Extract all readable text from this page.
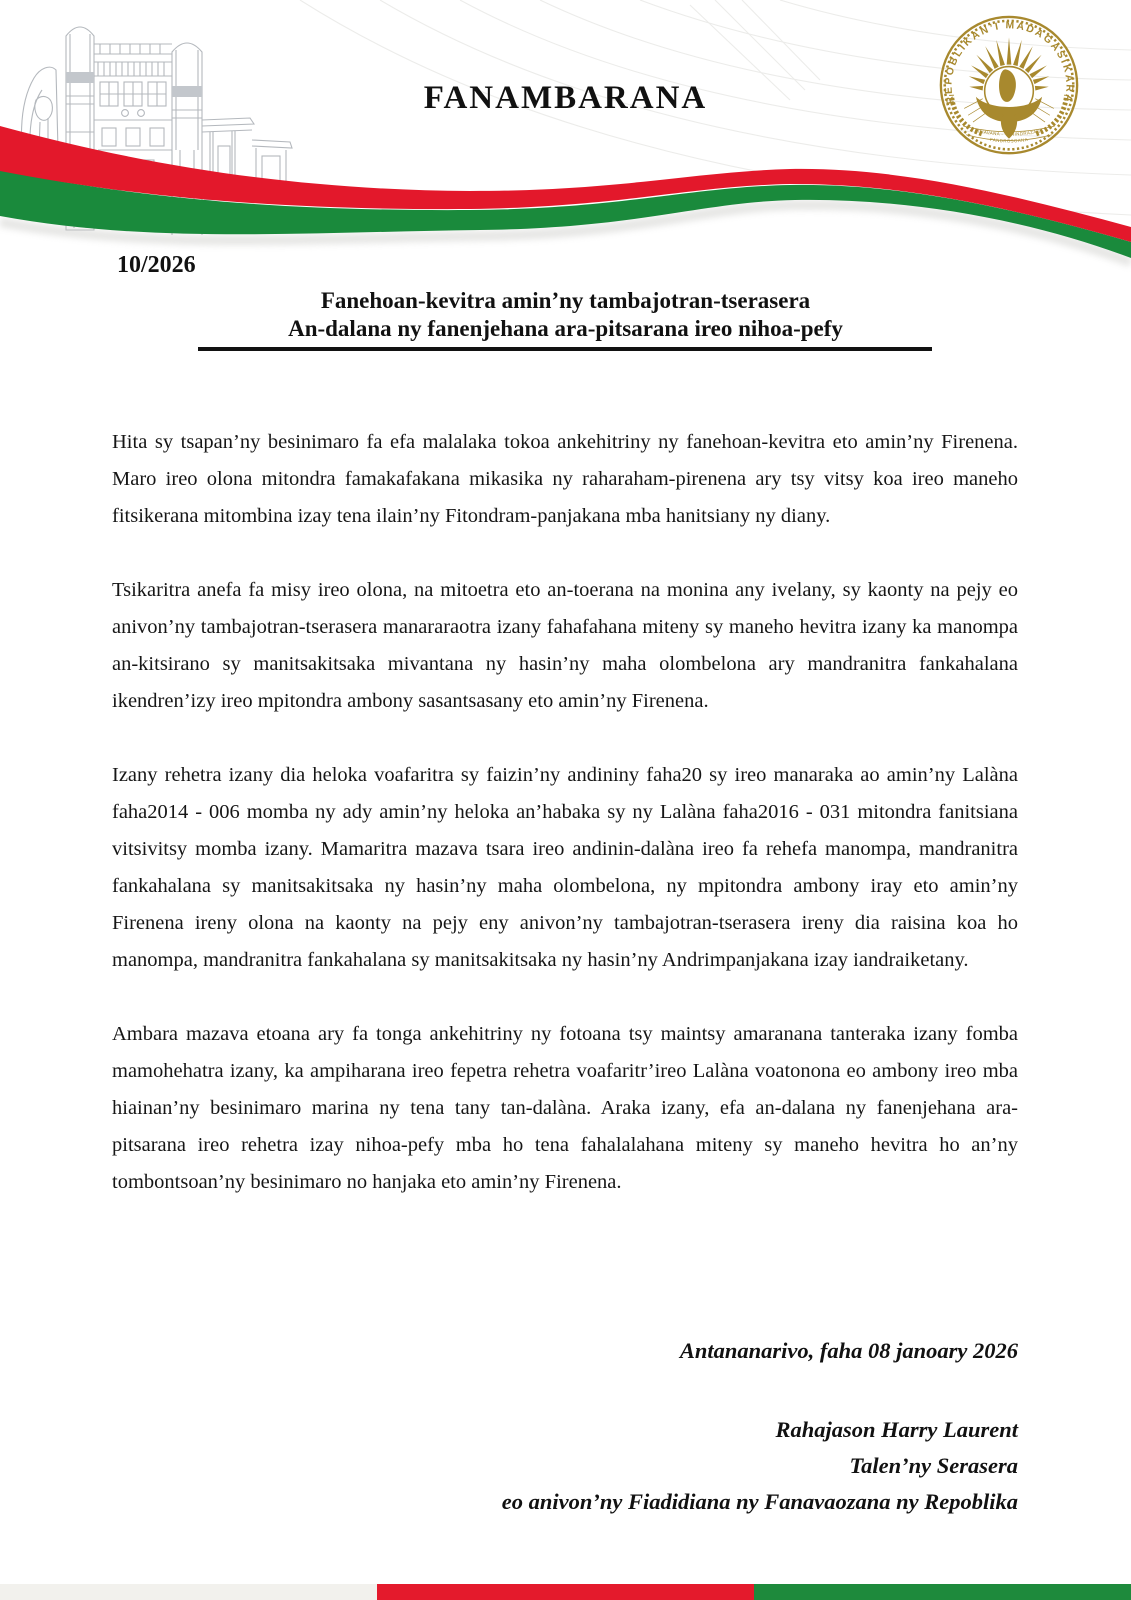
FANAMBARANA	REPOBLIKAN’I MADAGASIKARA
FITIAVANA - TANINDRAZANA
FANDROSOANA
10/2026
Fanehoan-kevitra amin’ny tambajotran-tserasera
An-dalana ny fanenjehana ara-pitsarana ireo nihoa-pefy

Hita sy tsapan’ny besinimaro fa efa malalaka tokoa ankehitriny ny fanehoan-kevitra eto amin’ny Firenena. Maro ireo olona mitondra famakafakana mikasika ny raharaham-pirenena ary tsy vitsy koa ireo maneho fitsikerana mitombina izay tena ilain’ny Fitondram-panjakana mba hanitsiany ny diany.

Tsikaritra anefa fa misy ireo olona, na mitoetra eto an-toerana na monina any ivelany, sy kaonty na pejy eo anivon’ny tambajotran-tserasera manararaotra izany fahafahana miteny sy maneho hevitra izany ka manompa an-kitsirano sy manitsakitsaka mivantana ny hasin’ny maha olombelona ary mandranitra fankahalana ikendren’izy ireo mpitondra ambony sasantsasany eto amin’ny Firenena.

Izany rehetra izany dia heloka voafaritra sy faizin’ny andininy faha20 sy ireo manaraka ao amin’ny Lalàna faha2014 - 006 momba ny ady amin’ny heloka an’habaka sy ny Lalàna faha2016 - 031 mitondra fanitsiana vitsivitsy momba izany. Mamaritra mazava tsara ireo andinin-dalàna ireo fa rehefa manompa, mandranitra fankahalana sy manitsakitsaka ny hasin’ny maha olombelona, ny mpitondra ambony iray eto amin’ny Firenena ireny olona na kaonty na pejy eny anivon’ny tambajotran-tserasera ireny dia raisina koa ho manompa, mandranitra fankahalana sy manitsakitsaka ny hasin’ny Andrimpanjakana izay iandraiketany.

Ambara mazava etoana ary fa tonga ankehitriny ny fotoana tsy maintsy amaranana tanteraka izany fomba mamohehatra izany, ka ampiharana ireo fepetra rehetra voafaritr’ireo Lalàna voatonona eo ambony ireo mba hiainan’ny besinimaro marina ny tena tany tan-dalàna. Araka izany, efa an-dalana ny fanenjehana ara-pitsarana ireo rehetra izay nihoa-pefy mba ho tena fahalalahana miteny sy maneho hevitra ho an’ny tombontsoan’ny besinimaro no hanjaka eto amin’ny Firenena.

Antananarivo, faha 08 janoary 2026
Rahajason Harry Laurent
Talen’ny Serasera
eo anivon’ny Fiadidiana ny Fanavaozana ny Repoblika
